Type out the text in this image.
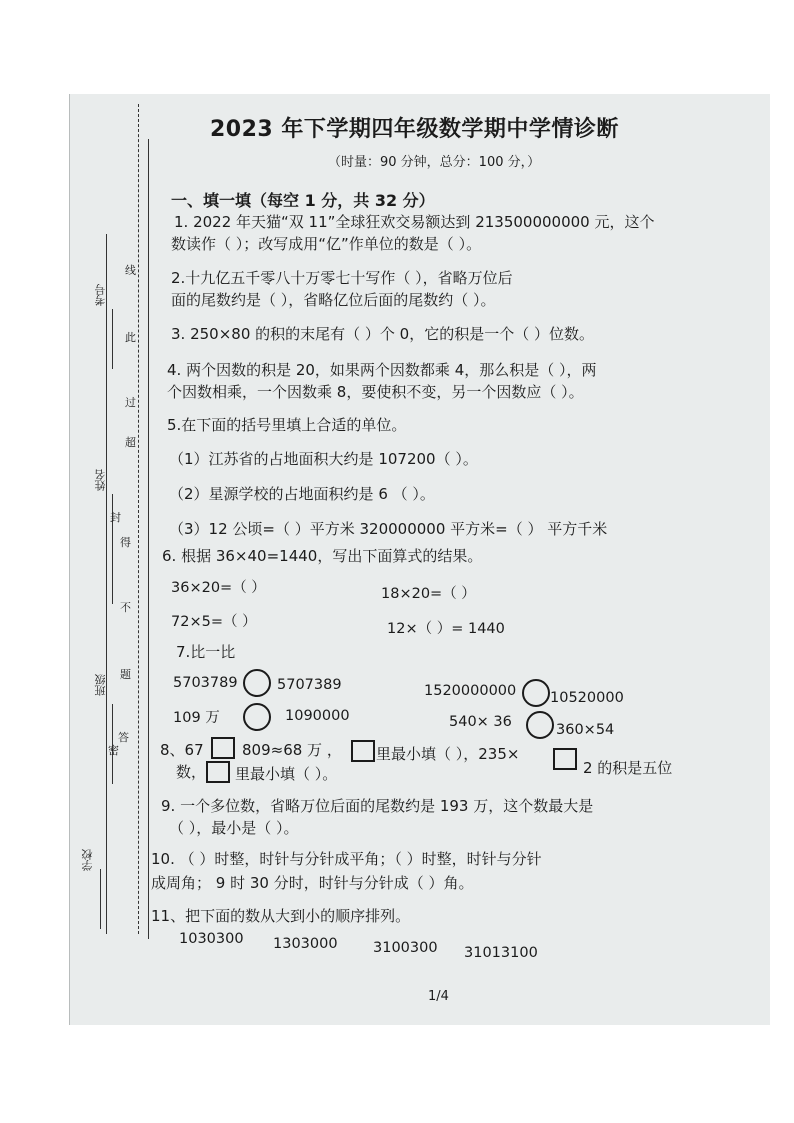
考号
姓名
班级
学校
线
此
过
超
封
得
不
题
答
密
2023 年下学期四年级数学期中学情诊断
（时量：90 分钟，总分：100 分，）
一、填一填（每空 1 分，共 32 分）
1. 2022 年天猫“双 11”全球狂欢交易额达到 213500000000 元，这个
数读作（ ）；改写成用“亿”作单位的数是（ ）。
2.十九亿五千零八十万零七十写作（ ），省略万位后
面的尾数约是（ ），省略亿位后面的尾数约（ ）。
3. 250×80 的积的末尾有（ ）个 0，它的积是一个（ ）位数。
4. 两个因数的积是 20，如果两个因数都乘 4，那么积是（ ），两
个因数相乘，一个因数乘 8，要使积不变，另一个因数应（ ）。
5.在下面的括号里填上合适的单位。
（1）江苏省的占地面积大约是 107200（ ）。
（2）星源学校的占地面积约是 6 （ ）。
（3）12 公顷=（ ）平方米 320000000 平方米=（ ） 平方千米
6. 根据 36×40=1440，写出下面算式的结果。
36×20=（ ）	18×20=（ ）
72×5=（ ）	12×（ ）= 1440
7.比一比
5703789	5707389	1520000000 10520000
109 万	1090000	540× 36	360×54
8、67	809≈68 万 ， 里最小填（ ），235×
2 的积是五位
数， 里最小填（ ）。
9. 一个多位数，省略万位后面的尾数约是 193 万，这个数最大是
（ ），最小是（ ）。
10. （ ）时整，时针与分针成平角；（ ）时整，时针与分针
成周角； 9 时 30 分时，时针与分针成（ ）角。
11、把下面的数从大到小的顺序排列。
1030300 1303000 3100300 31013100
1/4
